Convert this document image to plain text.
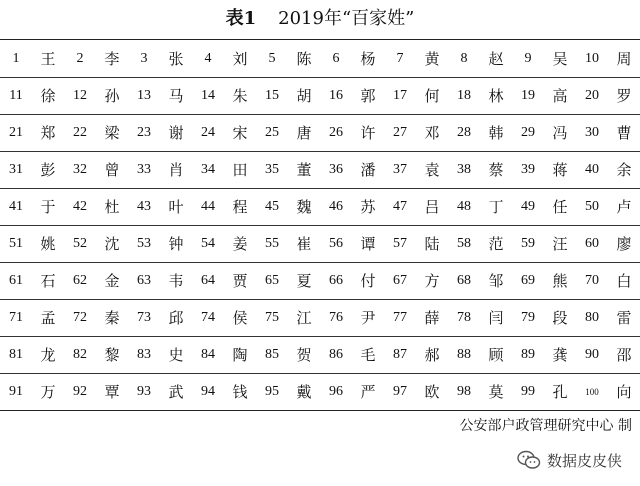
表1 2019年“百家姓”
1	王	2	李	3	张	4	刘	5	陈	6	杨	7	黄	8	赵	9	吴	10	周
11	徐	12	孙	13	马	14	朱	15	胡	16	郭	17	何	18	林	19	高	20	罗
21	郑	22	梁	23	谢	24	宋	25	唐	26	许	27	邓	28	韩	29	冯	30	曹
31	彭	32	曾	33	肖	34	田	35	董	36	潘	37	袁	38	蔡	39	蒋	40	余
41	于	42	杜	43	叶	44	程	45	魏	46	苏	47	吕	48	丁	49	任	50	卢
51	姚	52	沈	53	钟	54	姜	55	崔	56	谭	57	陆	58	范	59	汪	60	廖
61	石	62	金	63	韦	64	贾	65	夏	66	付	67	方	68	邹	69	熊	70	白
71	孟	72	秦	73	邱	74	侯	75	江	76	尹	77	薛	78	闫	79	段	80	雷
81	龙	82	黎	83	史	84	陶	85	贺	86	毛	87	郝	88	顾	89	龚	90	邵
91	万	92	覃	93	武	94	钱	95	戴	96	严	97	欧	98	莫	99	孔	100	向
公安部户政管理研究中心 制
数据皮皮侠
